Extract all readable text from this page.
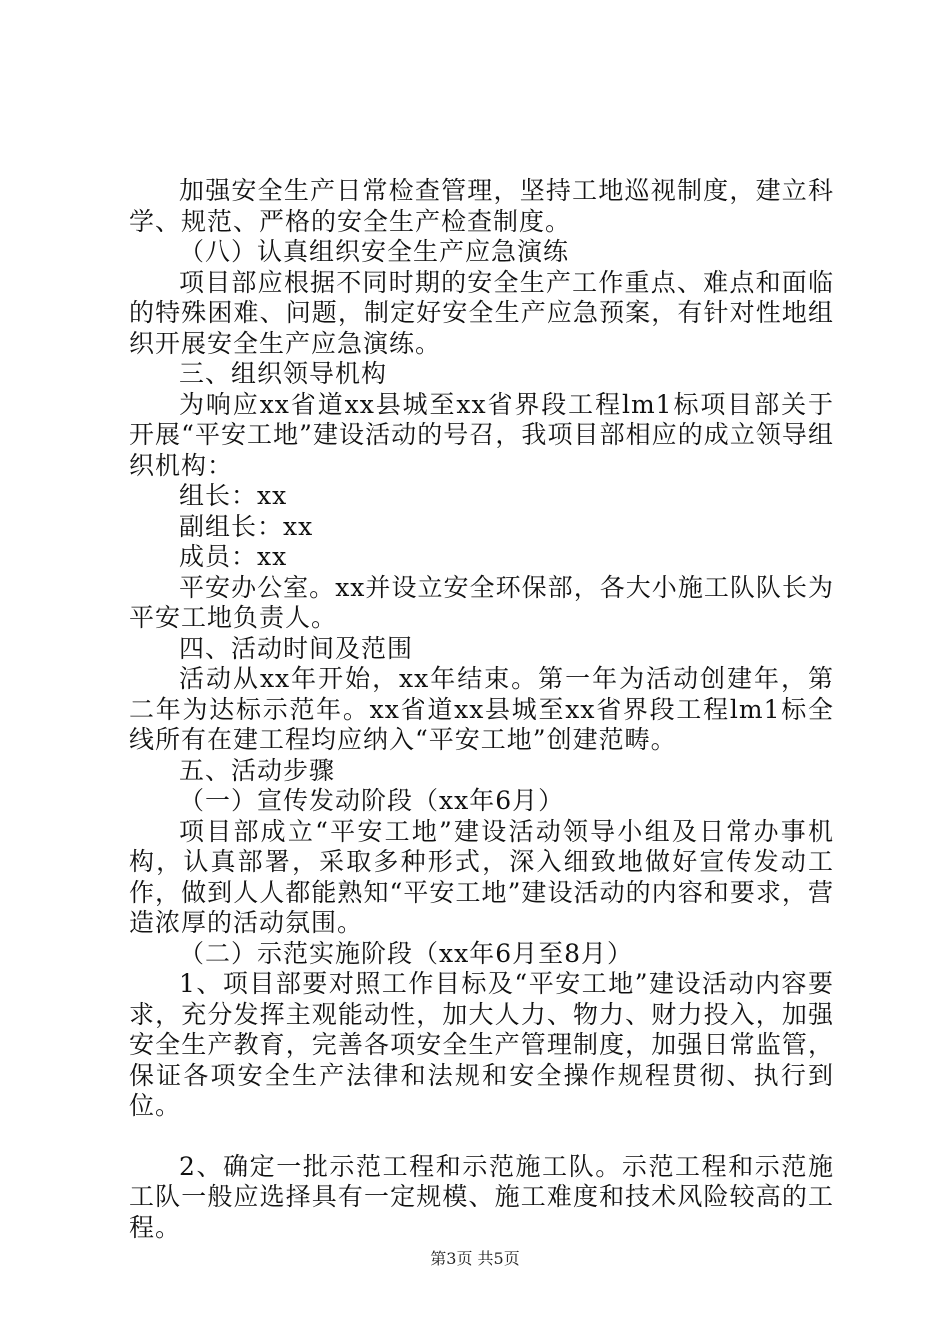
加强安全生产日常检查管理，坚持工地巡视制度，建立科学、规范、严格的安全生产检查制度。

（八）认真组织安全生产应急演练

项目部应根据不同时期的安全生产工作重点、难点和面临的特殊困难、问题，制定好安全生产应急预案，有针对性地组织开展安全生产应急演练。

三、组织领导机构

为响应xx省道xx县城至xx省界段工程lm1标项目部关于开展“平安工地”建设活动的号召，我项目部相应的成立领导组织机构：

组长：xx

副组长：xx

成员：xx

平安办公室。xx并设立安全环保部，各大小施工队队长为平安工地负责人。

四、活动时间及范围

活动从xx年开始，xx年结束。第一年为活动创建年，第二年为达标示范年。xx省道xx县城至xx省界段工程lm1标全线所有在建工程均应纳入“平安工地”创建范畴。

五、活动步骤

（一）宣传发动阶段（xx年6月）

项目部成立“平安工地”建设活动领导小组及日常办事机构，认真部署，采取多种形式，深入细致地做好宣传发动工作，做到人人都能熟知“平安工地”建设活动的内容和要求，营造浓厚的活动氛围。

（二）示范实施阶段（xx年6月至8月）

1、项目部要对照工作目标及“平安工地”建设活动内容要求，充分发挥主观能动性，加大人力、物力、财力投入，加强安全生产教育，完善各项安全生产管理制度，加强日常监管，保证各项安全生产法律和法规和安全操作规程贯彻、执行到位。

2、确定一批示范工程和示范施工队。示范工程和示范施工队一般应选择具有一定规模、施工难度和技术风险较高的工程。

第3页 共5页
